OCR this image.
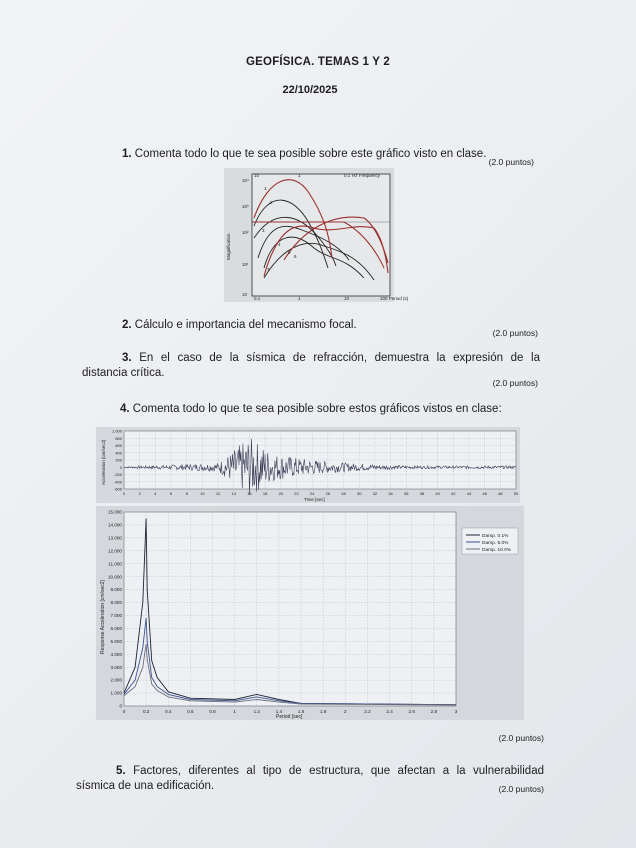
GEOFÍSICA. TEMAS 1 Y 2
22/10/2025
1. Comenta todo lo que te sea posible sobre este gráfico visto en clase.
(2.0 puntos)
0.1	1	10	100 Period (s)
10	1	0.1
10⁴
10³
10²
10¹
10
Magnification
Hz Frequency
1
2
3
4
5
6
7
2. Cálculo e importancia del mecanismo focal.
(2.0 puntos)
3. En el caso de la sísmica de refracción, demuestra la expresión de la
distancia crítica.
(2.0 puntos)
4. Comenta todo lo que te sea posible sobre estos gráficos vistos en clase:
1.000
800
600
400
200
0
-200
-400
-600
0	2	4	6	8	10	12	14	16	18	20	22	24	26	28	30	32	34	36	38	40	42	44	46	48	50
Time [sec]
Acceleration [cm/sec2]
0
1.000
2.000
3.000
4.000
5.000
6.000
7.000
8.000
9.000
10.000
11.000
12.000
13.000
14.000
15.000
0	0.2	0.4	0.6	0.8	1	1.2	1.4	1.6	1.8	2	2.2	2.4	2.6	2.8	3
Period [sec]
Response Acceleration [cm/sec2]
Damp. 0.1%
Damp. 5.0%
Damp. 10.0%
(2.0 puntos)
5. Factores, diferentes al tipo de estructura, que afectan a la vulnerabilidad
sísmica de una edificación.	(2.0 puntos)
